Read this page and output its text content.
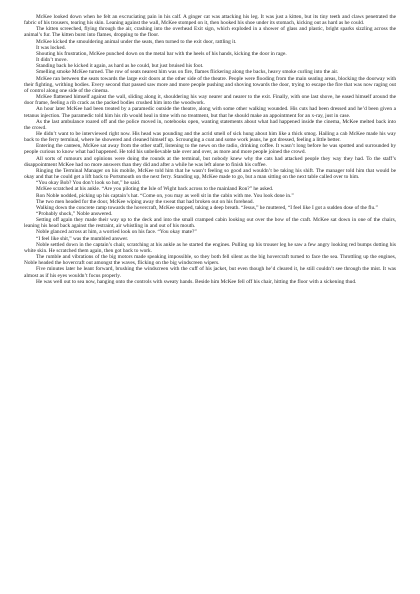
McKee looked down when he felt an excruciating pain in his calf. A ginger cat was attacking his leg. It was just a kitten, but its tiny teeth and claws penetrated the fabric of his trousers, tearing his skin. Leaning against the wall, McKee stomped on it, then hooked his shoe under its stomach, kicking out as hard as he could.

The kitten screeched, flying through the air, crashing into the overhead Exit sign, which exploded in a shower of glass and plastic, bright sparks sizzling across the animal’s fur. The kitten burst into flames, dropping to the floor.

McKee kicked the smouldering animal under the seats, then turned to the exit door, rattling it.

It was locked.

Shouting his frustration, McKee punched down on the metal bar with the heels of his hands, kicking the door in rage.

It didn’t move.

Standing back he kicked it again, as hard as he could, but just bruised his foot.

Smelling smoke McKee turned. The row of seats nearest him was on fire, flames flickering along the backs, heavy smoke curling into the air.

McKee ran between the seats towards the large exit doors at the other side of the theatre. People were flooding from the main seating areas, blocking the doorway with their fighting, writhing bodies. Every second that passed saw more and more people pushing and shoving towards the door, trying to escape the fire that was now raging out of control along one side of the cinema.

McKee flattened himself against the wall, sliding along it, shouldering his way nearer and nearer to the exit. Finally, with one last shove, he eased himself around the door frame, feeling a rib crack as the packed bodies crushed him into the woodwork.

An hour later McKee had been treated by a paramedic outside the theatre, along with some other walking wounded. His cuts had been dressed and he’d been given a tetanus injection. The paramedic told him his rib would heal in time with no treatment, but that he should make an appointment for an x-ray, just in case.

As the last ambulance roared off and the police moved in, notebooks open, wanting statements about what had happened inside the cinema, McKee melted back into the crowd.

He didn’t want to be interviewed right now. His head was pounding and the acrid smell of sick hung about him like a thick smog. Hailing a cab McKee made his way back to the ferry terminal, where he showered and cleaned himself up. Scrounging a coat and some work jeans, he got dressed, feeling a little better.

Entering the canteen, McKee sat away from the other staff, listening to the news on the radio, drinking coffee. It wasn’t long before he was spotted and surrounded by people curious to know what had happened. He told his unbelievable tale over and over, as more and more people joined the crowd.

All sorts of rumours and opinions were doing the rounds at the terminal, but nobody knew why the cats had attacked people they way they had. To the staff’s disappointment McKee had no more answers than they did and after a while he was left alone to finish his coffee.

Ringing the Terminal Manager on his mobile, McKee told him that he wasn’t feeling so good and wouldn’t be taking his shift. The manager told him that would be okay and that he could get a lift back to Portsmouth on the next ferry. Standing up, McKee made to go, but a man sitting on the next table called over to him.

“You okay Bob? You don’t look so hot,” he said.

McKee scratched at his ankle. “Are you piloting the Isle of Wight back across to the mainland Ron?” he asked.

Ron Noble nodded, picking up his captain’s hat. “Come on, you may as well sit in the cabin with me. You look done in.”

The two men headed for the door, McKee wiping away the sweat that had broken out on his forehead.

Walking down the concrete ramp towards the hovercraft, McKee stopped, taking a deep breath. “Jesus,” he muttered, “I feel like I got a sudden dose of the flu.”

“Probably shock,” Noble answered.

Setting off again they made their way up to the deck and into the small cramped cabin looking out over the bow of the craft. McKee sat down in one of the chairs, leaning his head back against the restraint, air whistling in and out of his mouth.

Noble glanced across at him, a worried look on his face. “You okay mate?”

“I feel like shit,” was the mumbled answer.

Noble settled down in the captain’s chair, scratching at his ankle as he started the engines. Pulling up his trouser leg he saw a few angry looking red bumps dotting his white skin. He scratched them again, then got back to work.

The rumble and vibrations of the big motors made speaking impossible, so they both fell silent as the big hovercraft turned to face the sea. Throttling up the engines, Noble headed the hovercraft out amongst the waves, flicking on the big windscreen wipers.

Five minutes later he leant forward, brushing the windscreen with the cuff of his jacket, but even though he’d cleared it, he still couldn’t see through the mist. It was almost as if his eyes wouldn’t focus properly.

He was well out to sea now, hanging onto the controls with sweaty hands. Beside him McKee fell off his chair, hitting the floor with a sickening thud.
